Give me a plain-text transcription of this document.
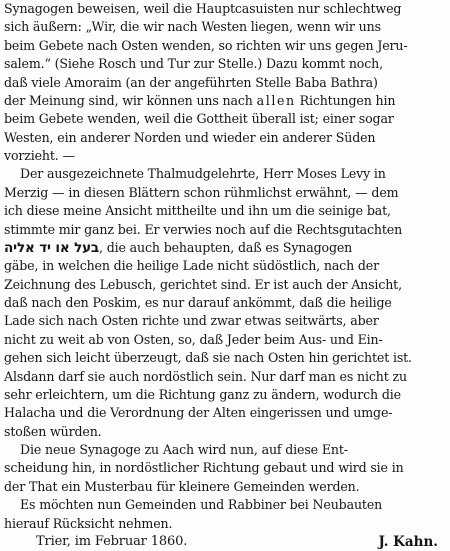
Synagogen beweisen, weil die Hauptcasuisten nur schlechtweg
sich äußern: „Wir, die wir nach Westen liegen, wenn wir uns
beim Gebete nach Osten wenden, so richten wir uns gegen Jeru-
salem.“ (Siehe Rosch und Tur zur Stelle.) Dazu kommt noch,
daß viele Amoraim (an der angeführten Stelle Baba Bathra)
der Meinung sind, wir können uns nach allen Richtungen hin
beim Gebete wenden, weil die Gottheit überall ist; einer sogar
Westen, ein anderer Norden und wieder ein anderer Süden
vorzieht. —
Der ausgezeichnete Thalmudgelehrte, Herr Moses Levy in
Merzig — in diesen Blättern schon rühmlichst erwähnt, — dem
ich diese meine Ansicht mittheilte und ihn um die seinige bat,
stimmte mir ganz bei. Er verwies noch auf die Rechtsgutachten
בעל או יד אליה, die auch behaupten, daß es Synagogen
gäbe, in welchen die heilige Lade nicht südöstlich, nach der
Zeichnung des Lebusch, gerichtet sind. Er ist auch der Ansicht,
daß nach den Poskim, es nur darauf ankömmt, daß die heilige
Lade sich nach Osten richte und zwar etwas seitwärts, aber
nicht zu weit ab von Osten, so, daß Jeder beim Aus- und Ein-
gehen sich leicht überzeugt, daß sie nach Osten hin gerichtet ist.
Alsdann darf sie auch nordöstlich sein. Nur darf man es nicht zu
sehr erleichtern, um die Richtung ganz zu ändern, wodurch die
Halacha und die Verordnung der Alten eingerissen und umge-
stoßen würden.
Die neue Synagoge zu Aach wird nun, auf diese Ent-
scheidung hin, in nordöstlicher Richtung gebaut und wird sie in
der That ein Musterbau für kleinere Gemeinden werden.
Es möchten nun Gemeinden und Rabbiner bei Neubauten
hierauf Rücksicht nehmen.
Trier, im Februar 1860.	J. Kahn.
